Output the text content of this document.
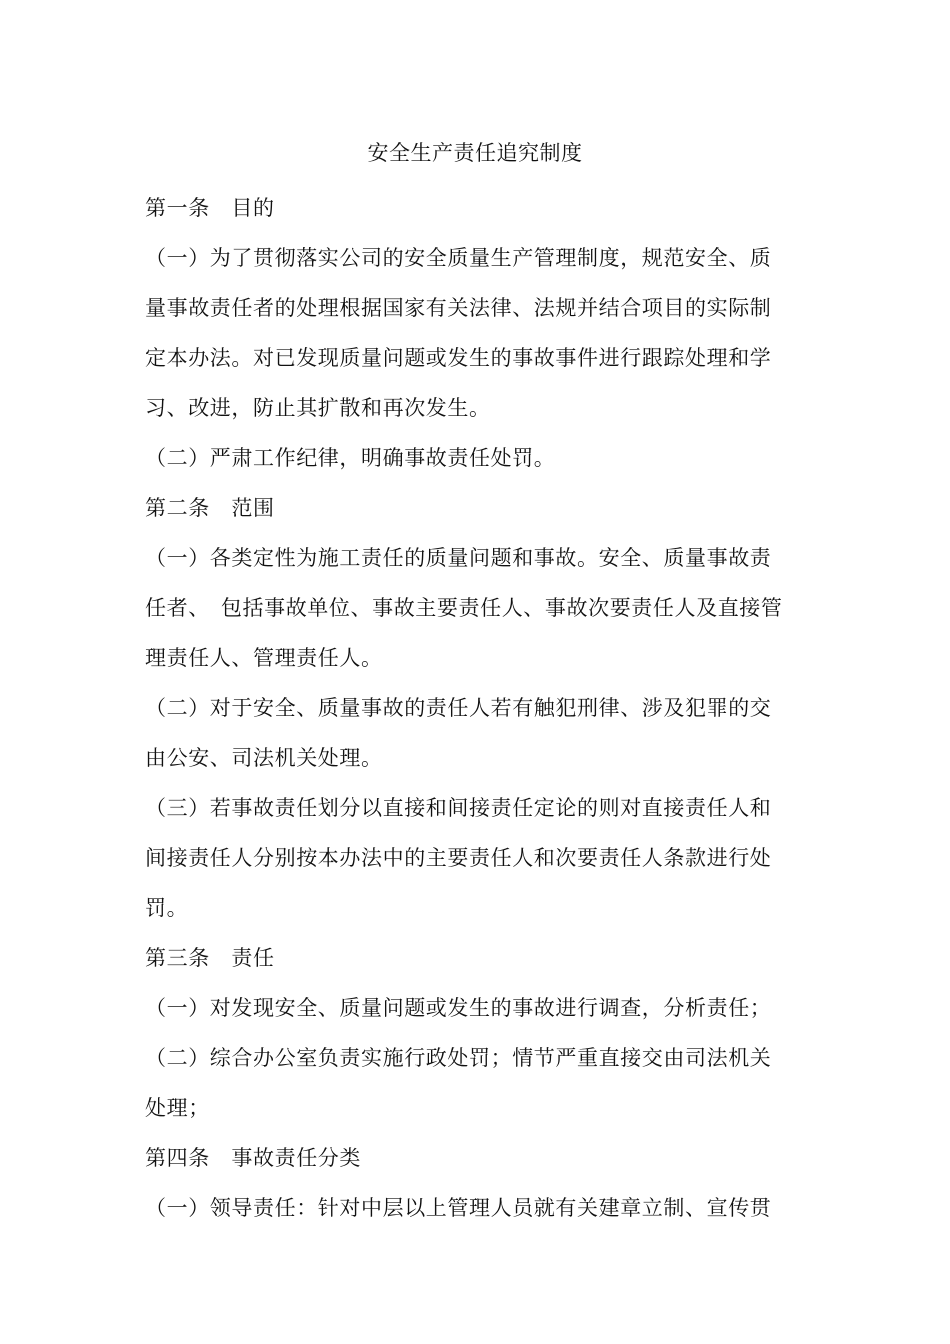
安全生产责任追究制度
第一条　目的
（一）为了贯彻落实公司的安全质量生产管理制度，规范安全、质
量事故责任者的处理根据国家有关法律、法规并结合项目的实际制
定本办法。对已发现质量问题或发生的事故事件进行跟踪处理和学
习、改进，防止其扩散和再次发生。
（二）严肃工作纪律，明确事故责任处罚。
第二条　范围
（一）各类定性为施工责任的质量问题和事故。安全、质量事故责
任者、　包括事故单位、事故主要责任人、事故次要责任人及直接管
理责任人、管理责任人。
（二）对于安全、质量事故的责任人若有触犯刑律、涉及犯罪的交
由公安、司法机关处理。
（三）若事故责任划分以直接和间接责任定论的则对直接责任人和
间接责任人分别按本办法中的主要责任人和次要责任人条款进行处
罚。
第三条　责任
（一）对发现安全、质量问题或发生的事故进行调查，分析责任；
（二）综合办公室负责实施行政处罚；情节严重直接交由司法机关
处理；
第四条　事故责任分类
（一）领导责任：针对中层以上管理人员就有关建章立制、宣传贯
